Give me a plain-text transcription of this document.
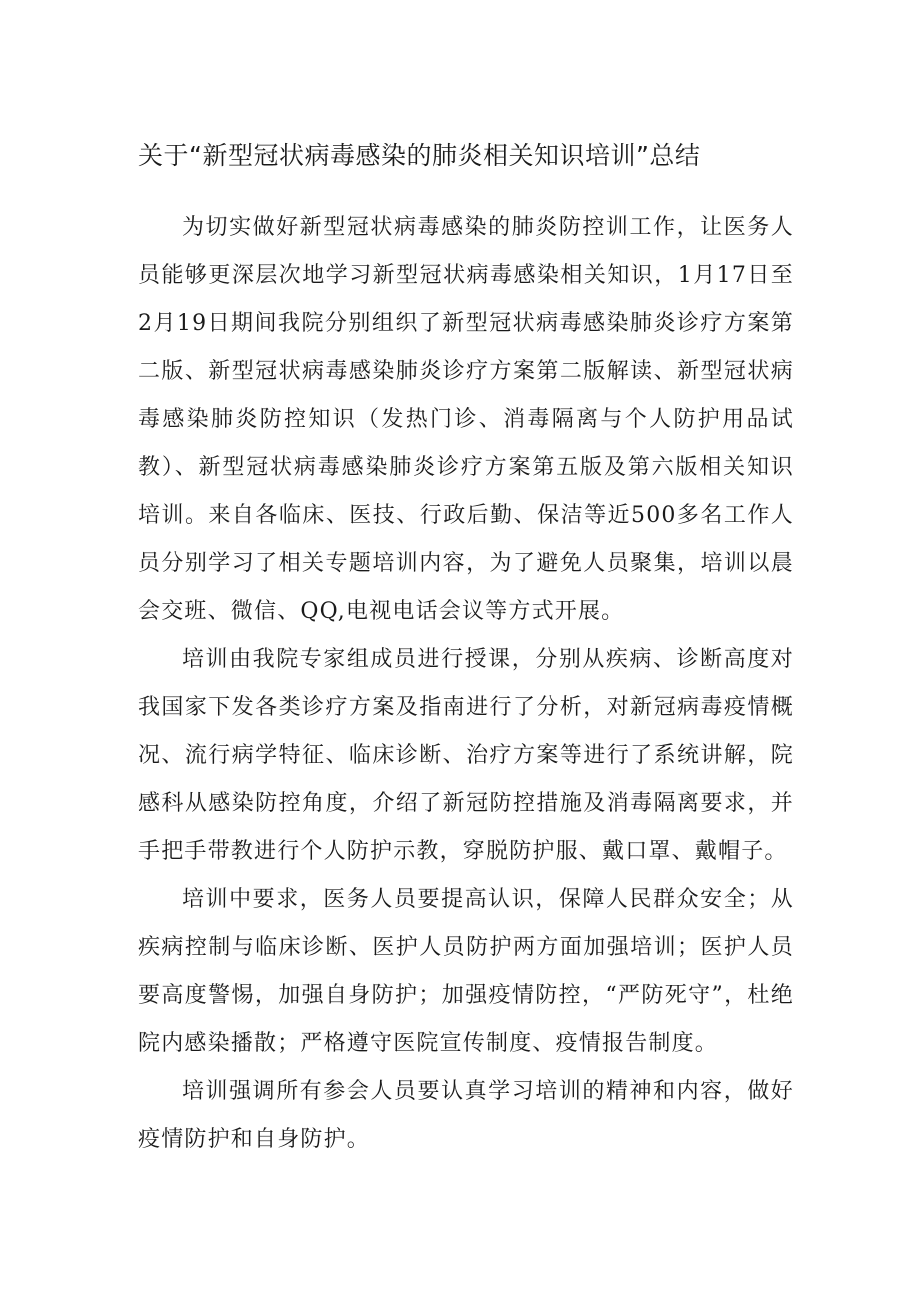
关于“新型冠状病毒感染的肺炎相关知识培训”总结

为切实做好新型冠状病毒感染的肺炎防控训工作，让医务人员能够更深层次地学习新型冠状病毒感染相关知识，1月17日至2月19日期间我院分别组织了新型冠状病毒感染肺炎诊疗方案第二版、新型冠状病毒感染肺炎诊疗方案第二版解读、新型冠状病毒感染肺炎防控知识（发热门诊、消毒隔离与个人防护用品试教）、新型冠状病毒感染肺炎诊疗方案第五版及第六版相关知识培训。来自各临床、医技、行政后勤、保洁等近500多名工作人员分别学习了相关专题培训内容，为了避免人员聚集，培训以晨会交班、微信、QQ,电视电话会议等方式开展。

培训由我院专家组成员进行授课，分别从疾病、诊断高度对我国家下发各类诊疗方案及指南进行了分析，对新冠病毒疫情概况、流行病学特征、临床诊断、治疗方案等进行了系统讲解，院感科从感染防控角度，介绍了新冠防控措施及消毒隔离要求，并手把手带教进行个人防护示教，穿脱防护服、戴口罩、戴帽子。

培训中要求，医务人员要提高认识，保障人民群众安全；从疾病控制与临床诊断、医护人员防护两方面加强培训；医护人员要高度警惕，加强自身防护；加强疫情防控，“严防死守”，杜绝院内感染播散；严格遵守医院宣传制度、疫情报告制度。

培训强调所有参会人员要认真学习培训的精神和内容，做好疫情防护和自身防护。
